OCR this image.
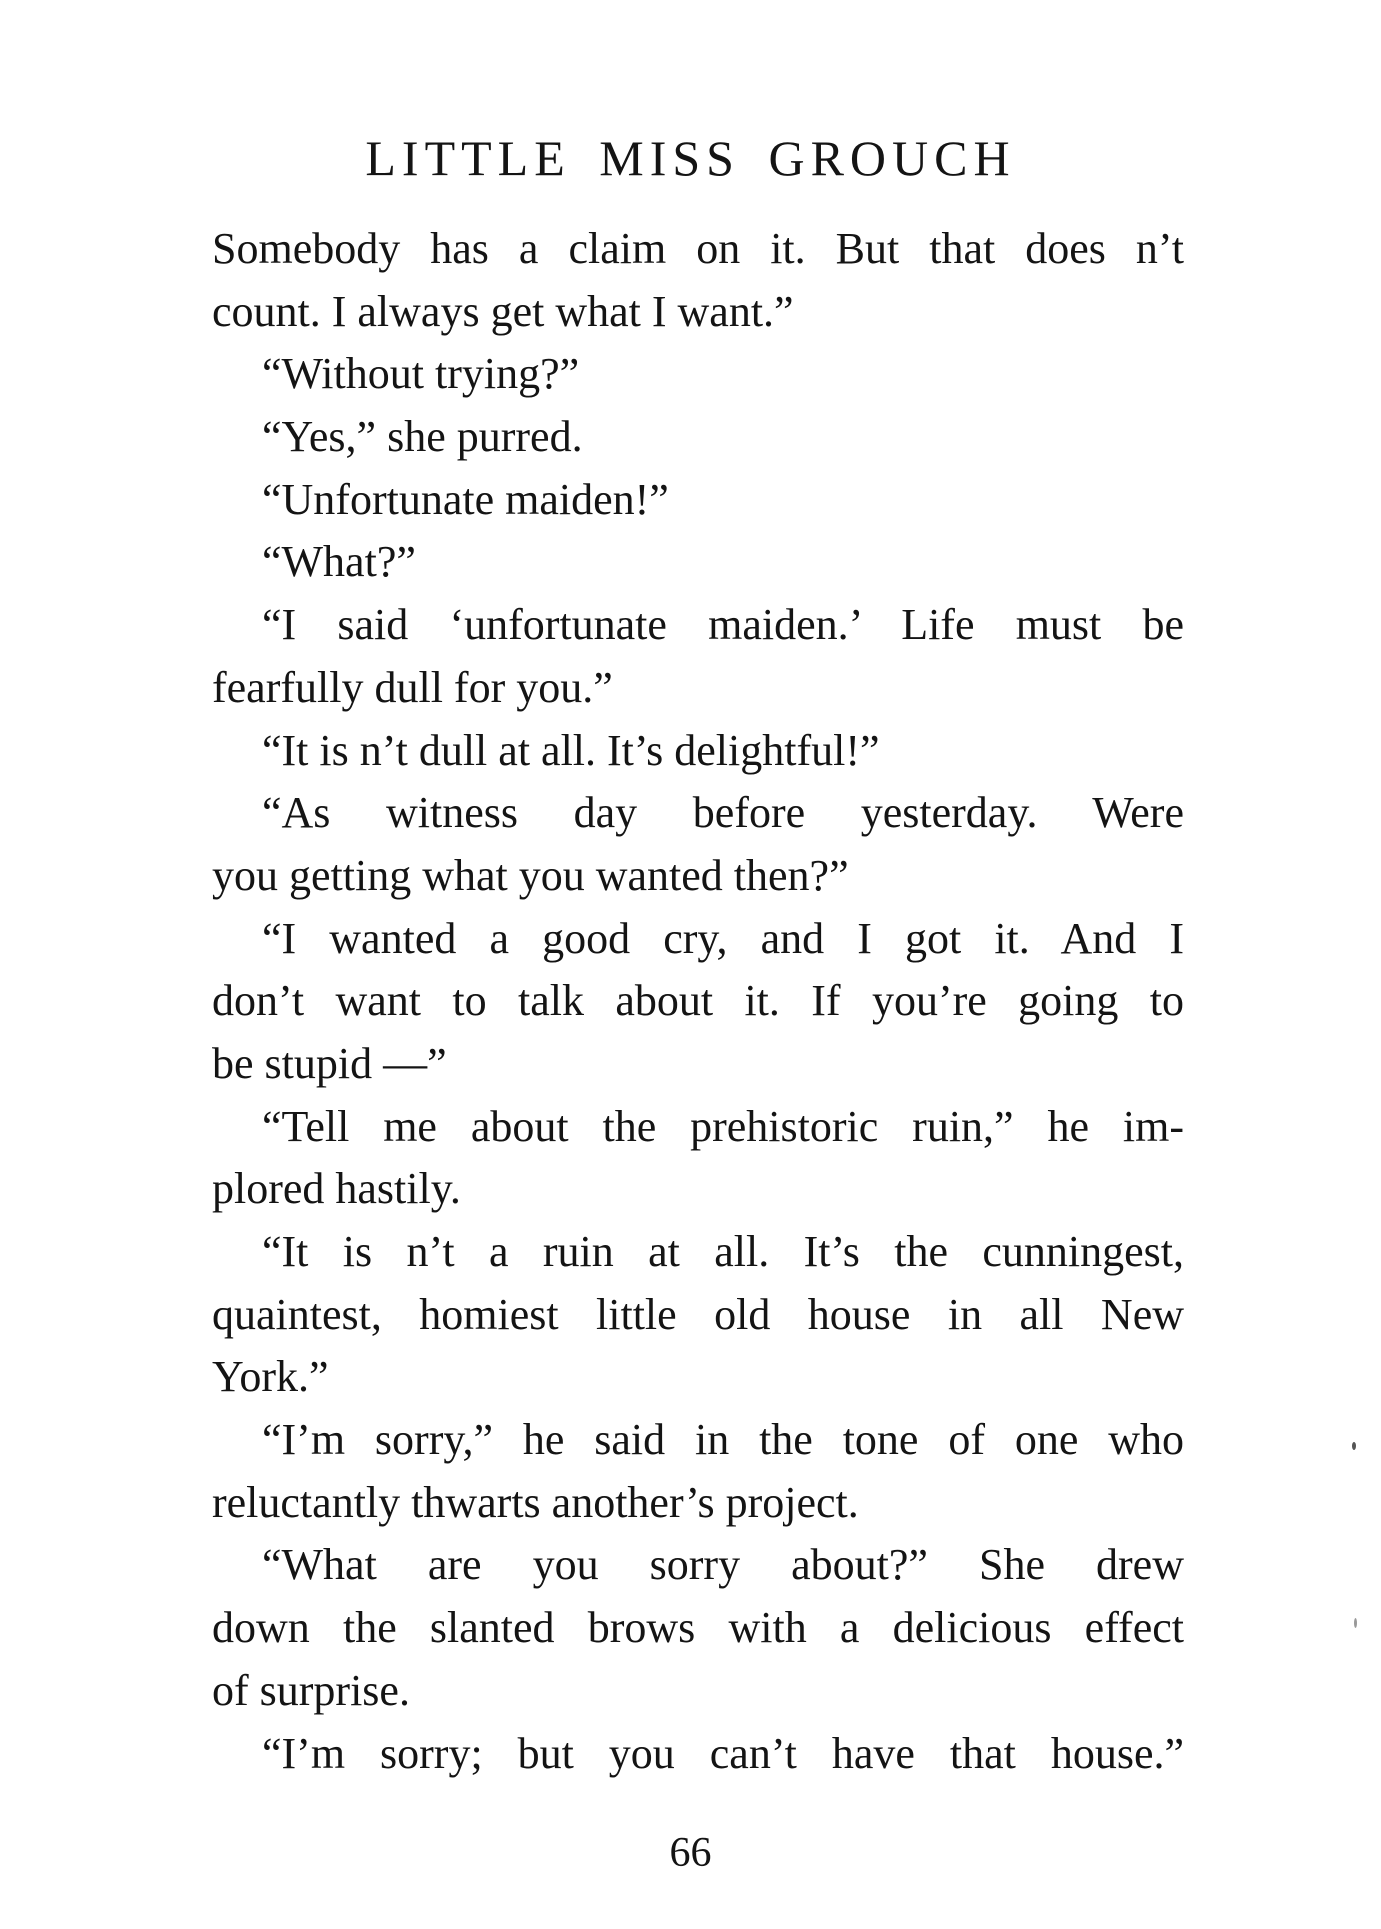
LITTLE MISS GROUCH
Somebody has a claim on it. But that does n’t
count. I always get what I want.”
“Without trying?”
“Yes,” she purred.
“Unfortunate maiden!”
“What?”
“I said ‘unfortunate maiden.’ Life must be
fearfully dull for you.”
“It is n’t dull at all. It’s delightful!”
“As witness day before yesterday. Were
you getting what you wanted then?”
“I wanted a good cry, and I got it. And I
don’t want to talk about it. If you’re going to
be stupid —”
“Tell me about the prehistoric ruin,” he im-
plored hastily.
“It is n’t a ruin at all. It’s the cunningest,
quaintest, homiest little old house in all New
York.”
“I’m sorry,” he said in the tone of one who
reluctantly thwarts another’s project.
“What are you sorry about?” She drew
down the slanted brows with a delicious effect
of surprise.
“I’m sorry; but you can’t have that house.”
66
